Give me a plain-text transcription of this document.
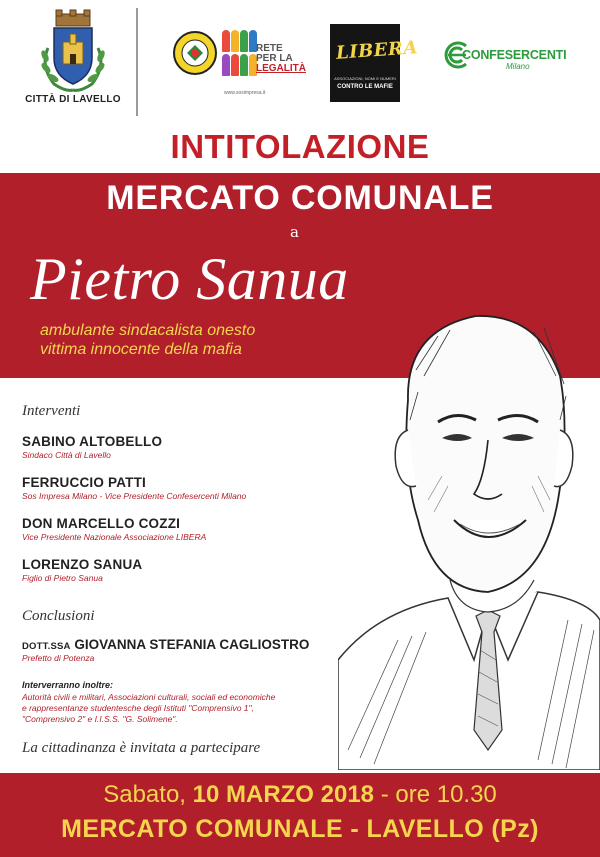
CITTÀ DI LAVELLO
RETE
PER LA
LEGALITÀ
www.sosimpresa.it
LIBERA
ASSOCIAZIONI, NOMI E NUMERI
CONTRO LE MAFIE
CONFESERCENTI
Milano
INTITOLAZIONE
MERCATO COMUNALE
a
Pietro Sanua
ambulante sindacalista onesto
vittima innocente della mafia
Interventi
SABINO ALTOBELLO
Sindaco Città di Lavello
FERRUCCIO PATTI
Sos Impresa Milano - Vice Presidente Confesercenti Milano
DON MARCELLO COZZI
Vice Presidente Nazionale Associazione LIBERA
LORENZO SANUA
Figlio di Pietro Sanua
Conclusioni
DOTT.SSA GIOVANNA STEFANIA CAGLIOSTRO
Prefetto di Potenza
Interverranno inoltre:
Autorità civili e militari, Associazioni culturali, sociali ed economiche
e rappresentanze studentesche degli Istituti "Comprensivo 1",
"Comprensivo 2" e I.I.S.S. "G. Solimene".
La cittadinanza è invitata a partecipare
Sabato, 10 MARZO 2018 - ore 10.30
MERCATO COMUNALE - LAVELLO (Pz)
